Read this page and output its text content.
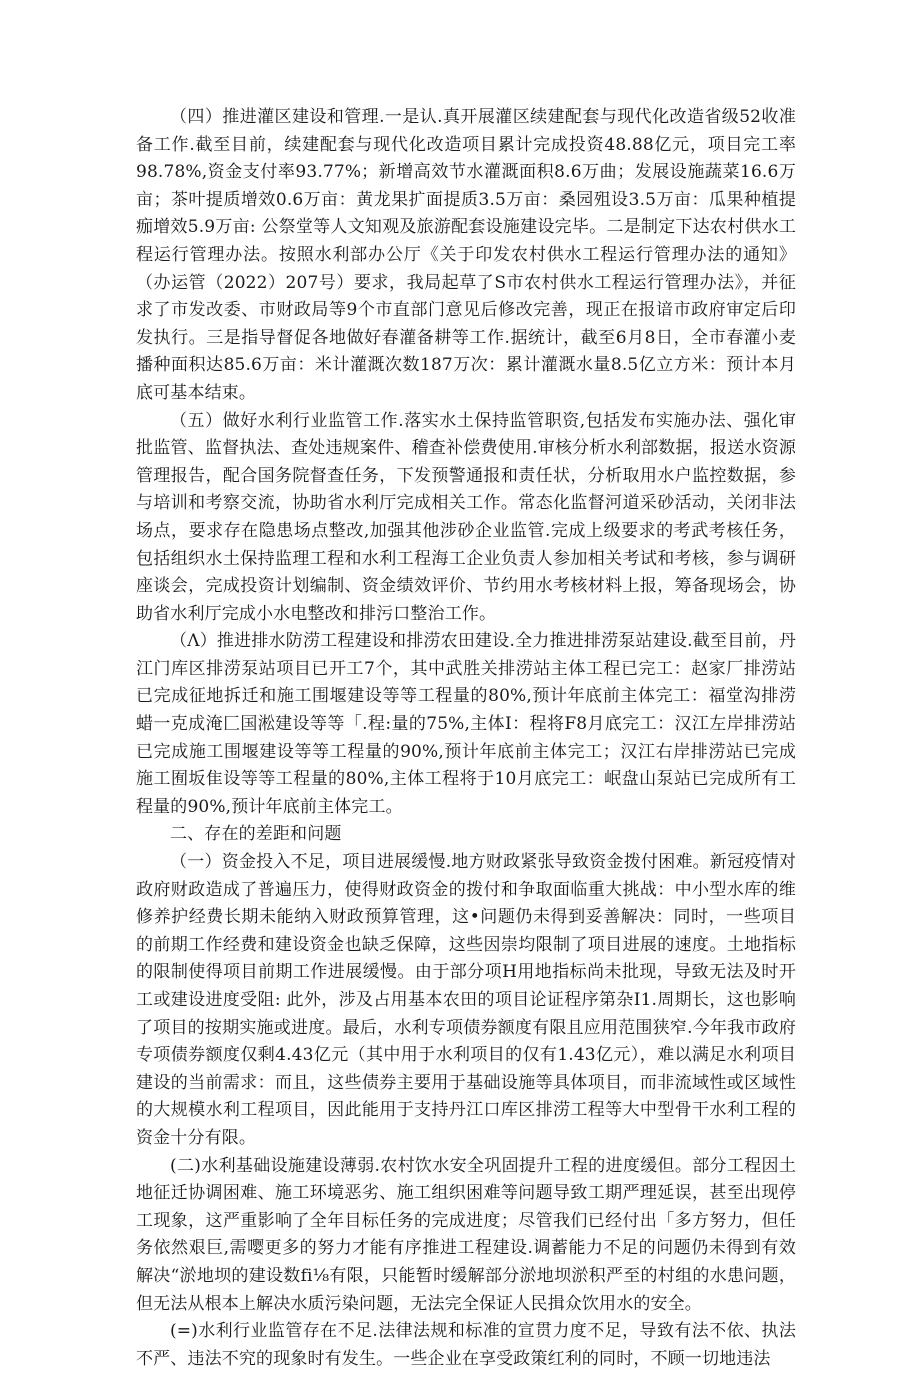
（四）推进灌区建设和管理.一是认.真开展灌区续建配套与现代化改造省级52收准备工作.截至目前，续建配套与现代化改造项目累计完成投资48.88亿元，项目完工率98.78%,资金支付率93.77%；新增高效节水灌溉面积8.6万曲；发展设施蔬菜16.6万亩；茶叶提质增效0.6万亩：黄龙果扩面提质3.5万亩：桑园殂设3.5万亩：瓜果种植提痂增效5.9万亩: 公祭堂等人文知观及旅游配套设施建设完毕。二是制定下达农村供水工程运行管理办法。按照水利部办公厅《关于印发农村供水工程运行管理办法的通知》（办运管（2022）207号）要求，我局起草了S市农村供水工程运行管理办法》，并征求了市发改委、市财政局等9个市直部门意见后修改完善，现正在报谙市政府审定后印发执行。三是指导督促各地做好春灌备耕等工作.据统计，截至6月8日，全市春灌小麦播种面积达85.6万亩：米计灌溉次数187万次：累计灌溉水量8.5亿立方米：预计本月底可基本结束。

（五）做好水利行业监管工作.落实水土保持监管职资,包括发布实施办法、强化审批监管、监督执法、查处违规案件、稽查补偿费使用.审核分析水利部数据，报送水资源管理报告，配合国务院督查任务，下发预警通报和责任状，分析取用水户监控数据，参与培训和考察交流，协助省水利厅完成相关工作。常态化监督河道采砂活动，关闭非法场点，要求存在隐患场点整改,加强其他涉砂企业监管.完成上级要求的考武考核任务，包括组织水土保持监理工程和水利工程海工企业负责人参加相关考试和考核，参与调研座谈会，完成投资计划编制、资金绩效评价、节约用水考核材料上报，筹备现场会，协助省水利厅完成小水电整改和排污口整治工作。

（Λ）推进排水防涝工程建设和排涝农田建设.全力推进排涝泵站建设.截至目前，丹江门库区排涝泵站项目已开工7个，其中武胜关排涝站主体工程已完工：赵家厂排涝站已完成征地拆迁和施工围堰建设等等工程量的80%,预计年底前主体完工：福堂沟排涝蜡一克成淹匚国淞建设等等「.程:量的75%,主体I：程将F8月底完工：汉江左岸排涝站已完成施工围堰建设等等工程量的90%,预计年底前主体完工；汉江右岸排涝站已完成施工囿坂隹设等等工程量的80%,主体工程将于10月底完工：岷盘山泵站已完成所有工程量的90%,预计年底前主体完工。

二、存在的差距和问题

（一）资金投入不足，项目进展缓慢.地方财政紧张导致资金拨付困难。新冠疫情对政府财政造成了普遍压力，使得财政资金的拨付和争取面临重大挑战：中小型水库的维修养护经费长期未能纳入财政预算管理，这•问题仍未得到妥善解决：同时，一些项目的前期工作经费和建设资金也缺乏保障，这些因崇均限制了项目进展的速度。土地指标的限制使得项目前期工作进展缓慢。由于部分项H用地指标尚未批现，导致无法及时开工或建设进度受阻: 此外，涉及占用基本农田的项目论证程序第杂I1.周期长，这也影响了项目的按期实施或进度。最后，水利专项债券额度有限且应用范围狭窄.今年我市政府专项债券额度仅剩4.43亿元（其中用于水利项目的仅有1.43亿元），难以满足水利项目建设的当前需求：而且，这些债券主要用于基础设施等具体项目，而非流域性或区域性的大规模水利工程项目，因此能用于支持丹江口库区排涝工程等大中型骨干水利工程的资金十分有限。

(二)水利基础设施建设薄弱.农村饮水安全巩固提升工程的进度缓但。部分工程因土地征迁协调困难、施工环境恶劣、施工组织困难等问题导致工期严理延误，甚至出现停工现象，这严重影响了全年目标任务的完成进度；尽管我们已经付出「多方努力，但任务依然艰巨,需嘤更多的努力才能有序推进工程建设.调蓄能力不足的问题仍未得到有效解决“淤地坝的建设数fi⅛有限，只能暂时缓解部分淤地坝淤积严至的村组的水患问题，但无法从根本上解决水质污染问题，无法完全保证人民揖众饮用水的安全。

(=)水利行业监管存在不足.法律法规和标准的宣贯力度不足，导致有法不依、执法不严、违法不究的现象时有发生。一些企业在享受政策红利的同时，不顾一切地违法
